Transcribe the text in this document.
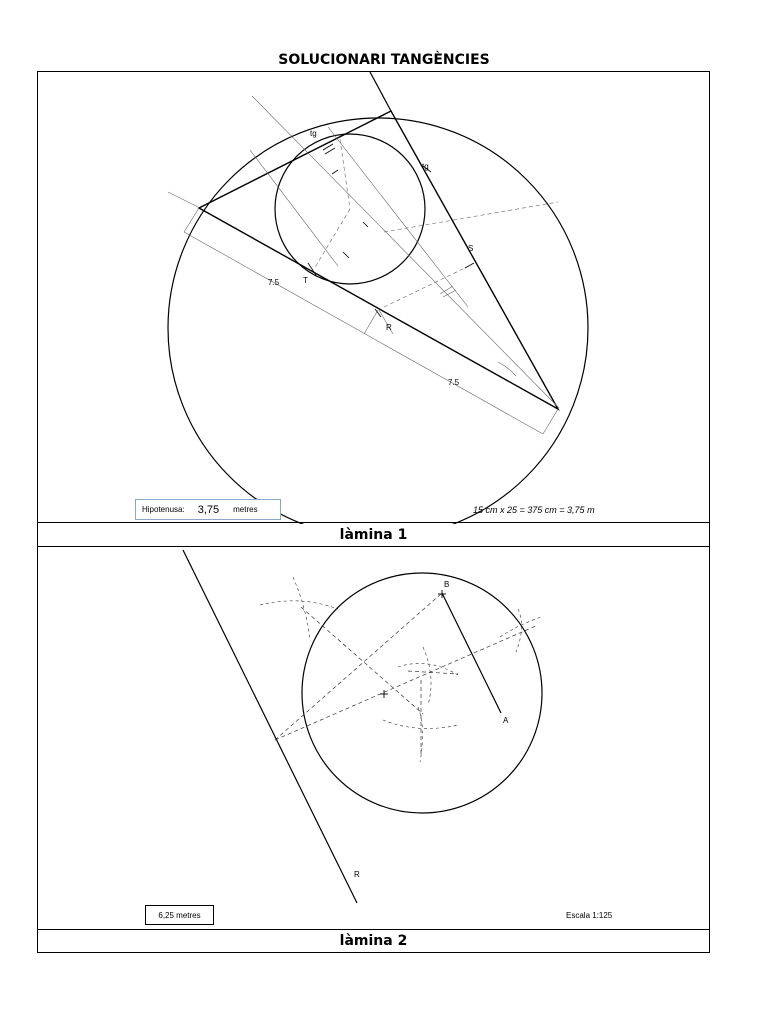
SOLUCIONARI TANGÈNCIES
tg
tg
S
T
R
7.5
7.5
Hipotenusa: 3,75 metres	15 cm x 25 = 375 cm = 3,75 m
làmina 1
B
A
R
6,25 metres	Escala 1:125
làmina 2
